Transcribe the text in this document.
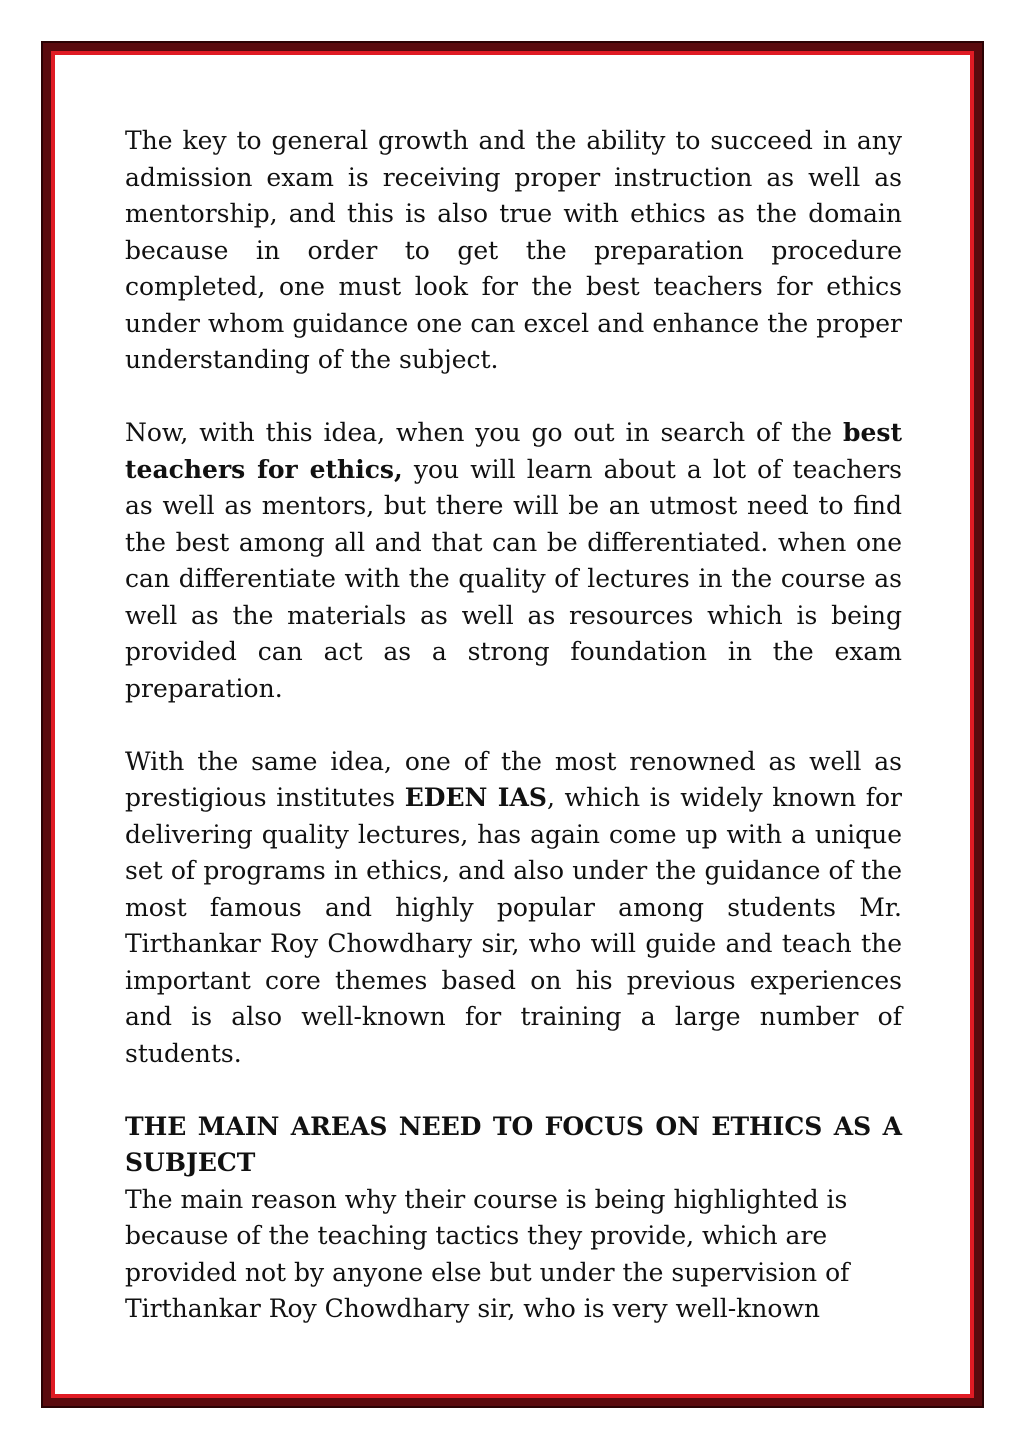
The key to general growth and the ability to succeed in any admission exam is receiving proper instruction as well as mentorship, and this is also true with ethics as the domain because in order to get the preparation procedure completed, one must look for the best teachers for ethics under whom guidance one can excel and enhance the proper understanding of the subject.

Now, with this idea, when you go out in search of the best teachers for ethics, you will learn about a lot of teachers as well as mentors, but there will be an utmost need to find the best among all and that can be differentiated. when one can differentiate with the quality of lectures in the course as well as the materials as well as resources which is being provided can act as a strong foundation in the exam preparation.

With the same idea, one of the most renowned as well as prestigious institutes EDEN IAS, which is widely known for delivering quality lectures, has again come up with a unique set of programs in ethics, and also under the guidance of the most famous and highly popular among students Mr. Tirthankar Roy Chowdhary sir, who will guide and teach the important core themes based on his previous experiences and is also well-known for training a large number of students.

THE MAIN AREAS NEED TO FOCUS ON ETHICS AS A SUBJECT

The main reason why their course is being highlighted is because of the teaching tactics they provide, which are provided not by anyone else but under the supervision of Tirthankar Roy Chowdhary sir, who is very well-known
